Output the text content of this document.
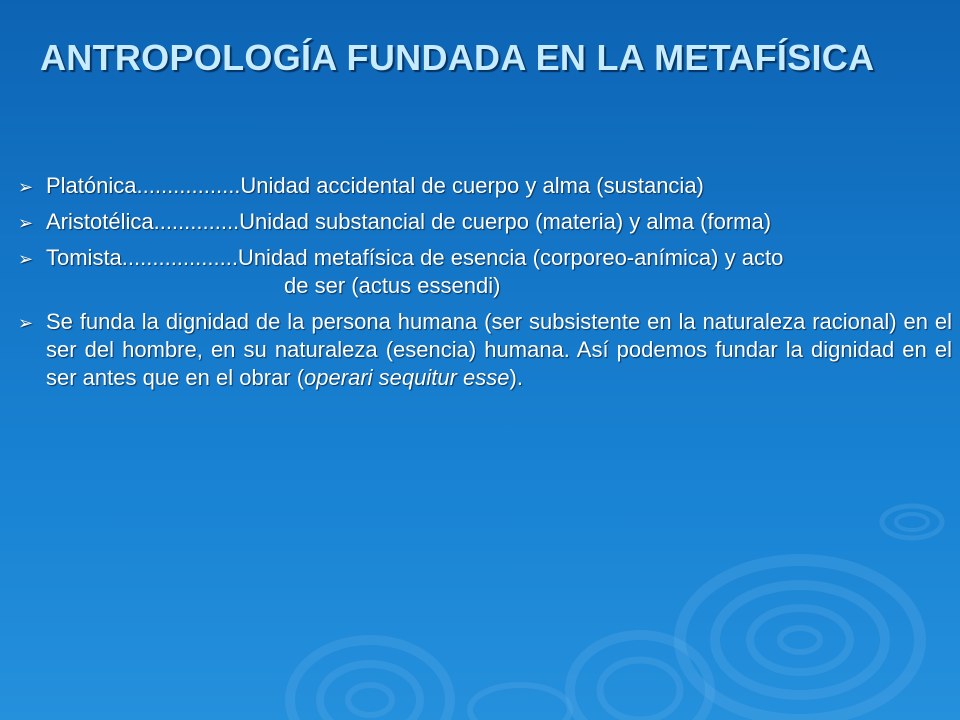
ANTROPOLOGÍA FUNDADA EN LA METAFÍSICA
➢ Platónica.................Unidad accidental de cuerpo y alma (sustancia)
➢ Aristotélica..............Unidad substancial de cuerpo (materia) y alma (forma)
➢ Tomista...................Unidad metafísica de esencia (corporeo-anímica) y acto
de ser (actus essendi)
➢ Se funda la dignidad de la persona humana (ser subsistente en la naturaleza racional) en el ser del hombre, en su naturaleza (esencia) humana. Así podemos fundar la dignidad en el ser antes que en el obrar (operari sequitur esse).
